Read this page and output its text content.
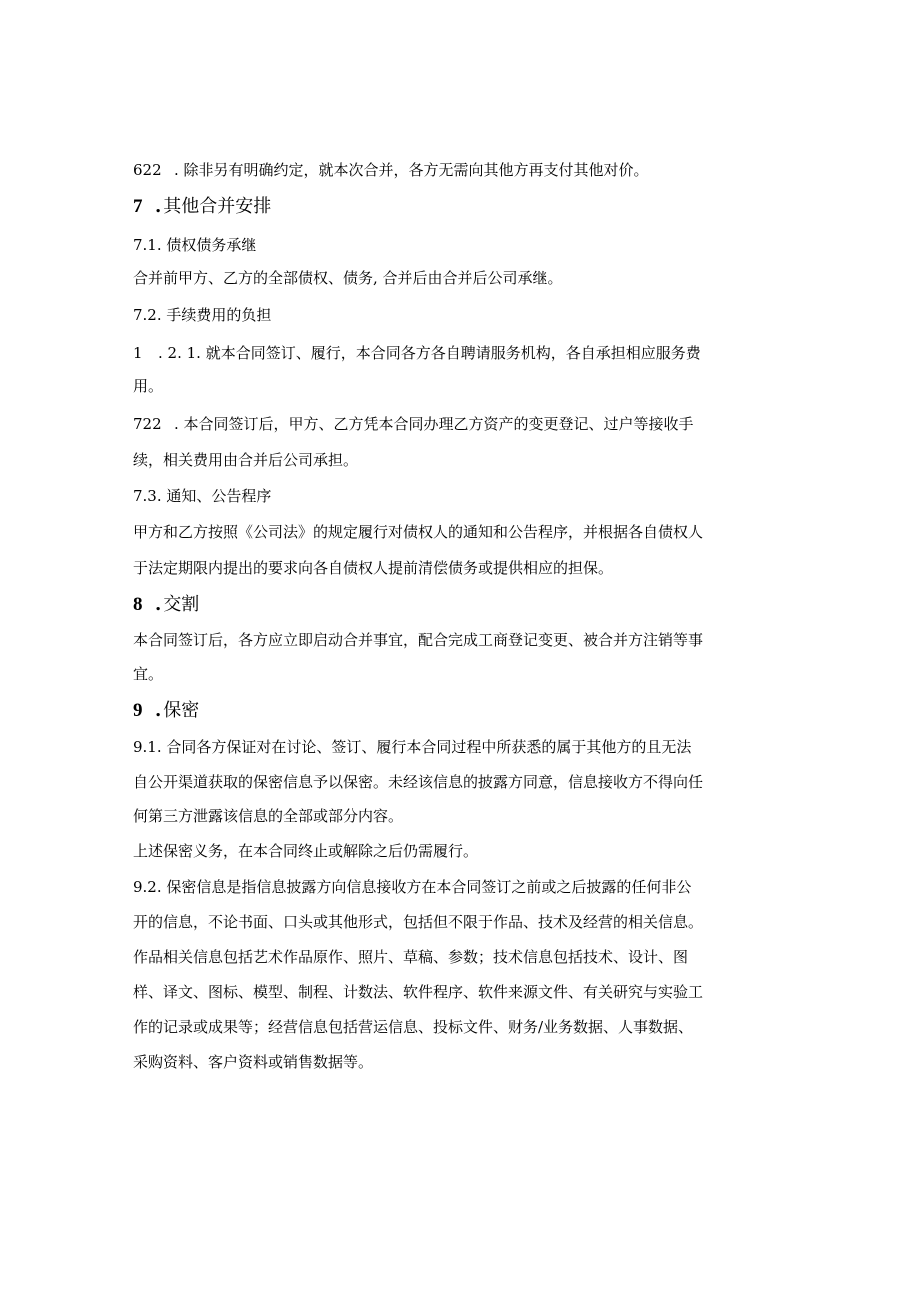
622 . 除非另有明确约定，就本次合并，各方无需向其他方再支付其他对价。
7 . 其他合并安排
7.1. 债权债务承继
合并前甲方、乙方的全部债权、债务, 合并后由合并后公司承继。
7.2. 手续费用的负担
1 . 2. 1. 就本合同签订、履行，本合同各方各自聘请服务机构，各自承担相应服务费
用。
722 . 本合同签订后，甲方、乙方凭本合同办理乙方资产的变更登记、过户等接收手
续，相关费用由合并后公司承担。
7.3. 通知、公告程序
甲方和乙方按照《公司法》的规定履行对债权人的通知和公告程序，并根据各自债权人
于法定期限内提出的要求向各自债权人提前清偿债务或提供相应的担保。
8 . 交割
本合同签订后，各方应立即启动合并事宜，配合完成工商登记变更、被合并方注销等事
宜。
9 . 保密
9.1. 合同各方保证对在讨论、签订、履行本合同过程中所获悉的属于其他方的且无法
自公开渠道获取的保密信息予以保密。未经该信息的披露方同意，信息接收方不得向任
何第三方泄露该信息的全部或部分内容。
上述保密义务，在本合同终止或解除之后仍需履行。
9.2. 保密信息是指信息披露方向信息接收方在本合同签订之前或之后披露的任何非公
开的信息，不论书面、口头或其他形式，包括但不限于作品、技术及经营的相关信息。
作品相关信息包括艺术作品原作、照片、草稿、参数；技术信息包括技术、设计、图
样、译文、图标、模型、制程、计数法、软件程序、软件来源文件、有关研究与实验工
作的记录或成果等；经营信息包括营运信息、投标文件、财务/业务数据、人事数据、
采购资料、客户资料或销售数据等。
